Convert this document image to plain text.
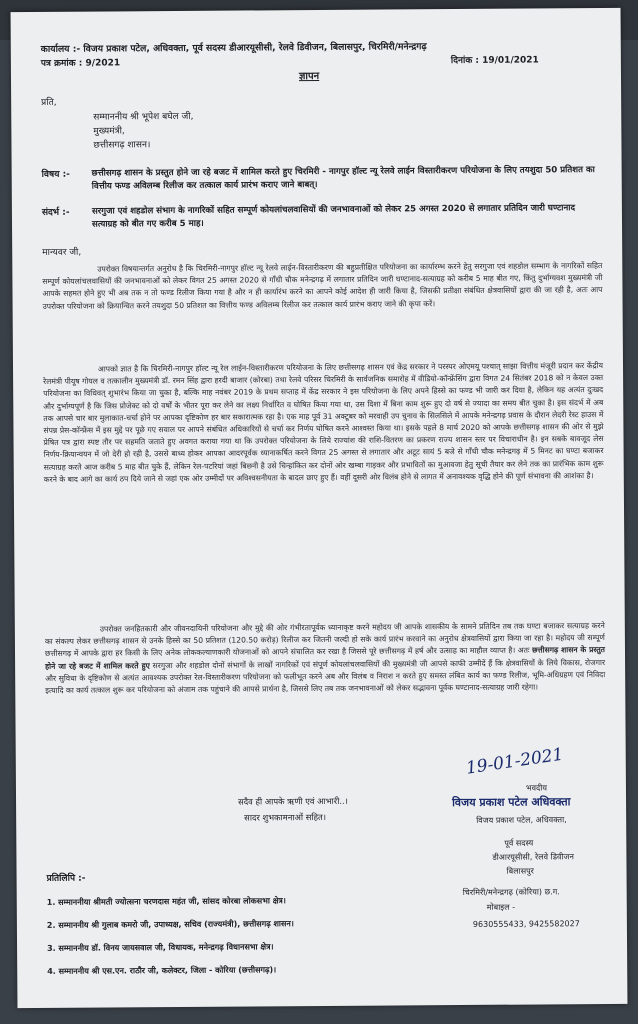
कार्यालय :- विजय प्रकाश पटेल, अधिवक्ता, पूर्व सदस्य डीआरयूसीसी, रेलवे डिवीजन, बिलासपुर, चिरमिरी/मनेन्द्रगढ़
पत्र क्रमांक : 9/2021
ज्ञापन
दिनांक : 19/01/2021
प्रति,
सम्माननीय श्री भूपेश बघेल जी,
मुख्यमंत्री,
छत्तीसगढ़ शासन।
विषय :-	छत्तीसगढ़ शासन के प्रस्तुत होने जा रहे बजट में शामिल करते हुए चिरमिरी - नागपुर हॉल्ट न्यू रेलवे लाईन विस्तारीकरण परियोजना के लिए तयशुदा 50 प्रतिशत का वित्तीय फण्ड अविलम्ब रिलीज कर तत्काल कार्य प्रारंभ कराए जाने बाबत्।
संदर्भ :-	सरगुजा एवं शहडोल संभाग के नागरिकों सहित सम्पूर्ण कोयलांचलवासियों की जनभावनाओं को लेकर 25 अगस्त 2020 से लगातार प्रतिदिन जारी घण्टानाद सत्याग्रह को बीत गए करीब 5 माह।
मान्यवर जी,
उपरोक्त विषयान्तर्गत अनुरोध है कि चिरमिरी-नागपुर हॉल्ट न्यू रेलवे लाईन-विस्तारीकरण की बहुप्रतीक्षित परियोजना का कार्यारम्भ करने हेतु सरगुजा एवं शहडोल सम्भाग के नागरिकों सहित सम्पूर्ण कोयलांचलवासियों की जनभावनाओं को लेकर विगत 25 अगस्त 2020 से गाँधी चौक मनेन्द्रगढ़ में लगातार प्रतिदिन जारी घण्टानाद-सत्याग्रह को करीब 5 माह बीत गए, किंतु दुर्भाग्यवश मुख्यमंत्री जी आपके सहमत होने हुए भी अब तक न तो फण्ड रिलीज किया गया है और न ही कार्यारंभ करने का आपने कोई आदेश ही जारी किया है, जिसकी प्रतीक्षा संबंधित क्षेत्रवासियों द्वारा की जा रही है, अतः आप उपरोक्त परियोजना को क्रियान्वित करने तयशुदा 50 प्रतिशत का वित्तीय फण्ड अविलम्ब रिलीज कर तत्काल कार्य प्रारंभ कराए जाने की कृपा करें।
आपको ज्ञात है कि चिरमिरी-नागपुर हॉल्ट न्यू रेल लाईन-विस्तारीकरण परियोजना के लिए छत्तीसगढ़ शासन एवं केंद्र सरकार ने परस्पर ओएमयू पश्चात् साझा वित्तीय मंजूरी प्रदान कर केंद्रीय रेलमंत्री पीयूष गोयल व तत्कालीन मुख्यमंत्री डॉ. रमन सिंह द्वारा हरदी बाजार (कोरबा) तथा रेलवे परिसर चिरमिरी के सार्वजनिक समारोह में वीडियो-कॉन्फ्रेंसिंग द्वारा विगत 24 सितंबर 2018 को न केवल उक्त परियोजना का विधिवत् शुभारंभ किया जा चुका है, बल्कि माह नवंबर 2019 के प्रथम सप्ताह में केंद्र सरकार ने इस परियोजना के लिए अपने हिस्से का फण्ड भी जारी कर दिया है, लेकिन यह अत्यंत दुःखद और दुर्भाग्यपूर्ण है कि जिस प्रोजेक्ट को दो वर्षों के भीतर पूरा कर लेने का लक्ष्य निर्धारित व घोषित किया गया था, उस दिशा में बिना काम शुरू हुए दो वर्ष से ज्यादा का समय बीत चुका है। इस संदर्भ में अब तक आपसे चार बार मुलाकात-चर्चा होने पर आपका दृष्टिकोण हर बार सकारात्मक रहा है। एक माह पूर्व 31 अक्टूबर को मरवाही उप चुनाव के सिलसिले में आपके मनेन्द्रगढ़ प्रवास के दौरान लेदरी रेस्ट हाउस में संपन्न प्रेस-कॉन्फ्रेंस में इस मुद्दे पर पूछे गए सवाल पर आपने संबंधित अधिकारियों से चर्चा कर निर्णय घोषित करने आश्वस्त किया था। इसके पहले 8 मार्च 2020 को आपके छत्तीसगढ़ शासन की ओर से मुझे प्रेषित पत्र द्वारा स्पष्ट तौर पर सहमति जताते हुए अवगत कराया गया था कि उपरोक्त परियोजना के लिये राज्यांश की राशि-वितरण का प्रकरण राज्य शासन स्तर पर विचाराधीन है। इन सबके बावजूद लेस निर्णय-क्रियान्वयन में जो देरी हो रही है, उससे बाध्य होकर आपका आदरपूर्वक ध्यानाकर्षित करने विगत 25 अगस्त से लगातार और अटूट सायं 5 बजे से गाँधी चौक मनेन्द्रगढ़ में 5 मिनट का घण्टा बजाकर सत्याग्रह करते आज करीब 5 माह बीत चुके हैं, लेकिन रेल-पटरियां जहां बिछनी है उसे चिन्हांकित कर दोनों ओर खम्बा गाड़कर और प्रभावितों का मुआवजा हेतु सूची तैयार कर लेने तक का प्रारंभिक काम शुरू करने के बाद आगे का कार्य ठप दिये जाने से जहां एक ओर उम्मीदों पर अविश्वसनीयता के बादल छाए हुए हैं। वहीं दूसरी ओर विलंब होने से लागत में अनावश्यक वृद्धि होने की पूर्ण संभावना की आशंका है।
उपरोक्त जनहितकारी और जीवनदायिनी परियोजना और मुद्दे की ओर गंभीरतापूर्वक ध्यानाकृष्ट करने महोदय जी आपके शासकीय के सामने प्रतिदिन तब तक घण्टा बजाकर सत्याग्रह करने का संकल्प लेकर छत्तीसगढ़ शासन से उनके हिस्से का 50 प्रतिशत (120.50 करोड़) रिलीज कर जितनी जल्दी हो सके कार्य प्रारंभ करवाने का अनुरोध क्षेत्रवासियों द्वारा किया जा रहा है। महोदय जी सम्पूर्ण छत्तीसगढ़ में आपके द्वारा हर किसी के लिए अनेक लोककल्याणकारी योजनाओं को आपने संचालित कर रखा है जिससे पूरे छत्तीसगढ़ में हर्ष और उत्साह का माहौल व्याप्त है। अतः छत्तीसगढ़ शासन के प्रस्तुत होने जा रहे बजट में शामिल करते हुए सरगुजा और शहडोल दोनों संभागों के लाखों नागरिकों एवं संपूर्ण कोयलांचलवासियों की मुख्यमंत्री जी आपसे काफी उम्मीदें हैं कि क्षेत्रवासियों के लिये विकास, रोजगार और सुविधा के दृष्टिकोण से अत्यंत आवश्यक उपरोक्त रेल-विस्तारीकरण परियोजना को फलीभूत करने अब और विलंब व निराश न करते हुए समस्त लंबित कार्य का फण्ड रिलीज, भूमि-अधिग्रहण एवं निविदा इत्यादि का कार्य तत्काल शुरू कर परियोजना को अंजाम तक पहुंचाने की आपसे प्रार्थना है, जिससे लिए तब तक जनभावनाओं को लेकर सद्भावना पूर्वक घण्टानाद-सत्याग्रह जारी रहेगा।
सदैव ही आपके ऋणी एवं आभारी..।
सादर शुभकामनाओं सहित।
19-01-2021
भवदीय
विजय प्रकाश पटेल अधिवक्ता
विजय प्रकाश पटेल, अधिवक्ता,
पूर्व सदस्य
डीआरयूसीसी, रेलवे डिवीजन
बिलासपुर
चिरमिरी/मनेन्द्रगढ़ (कोरिया) छ.ग.
मोबाइल -
9630555433, 9425582027
प्रतिलिपि :-
1. सम्माननीया श्रीमती ज्योत्सना चरणदास महंत जी, सांसद कोरबा लोकसभा क्षेत्र।
2. सम्माननीय श्री गुलाब कमरो जी, उपाध्यक्ष, सचिव (राज्यमंत्री), छत्तीसगढ़ शासन।
3. सम्माननीय डॉ. विनय जायसवाल जी, विधायक, मनेन्द्रगढ़ विधानसभा क्षेत्र।
4. सम्माननीय श्री एस.एन. राठौर जी, कलेक्टर, जिला - कोरिया (छत्तीसगढ़)।
